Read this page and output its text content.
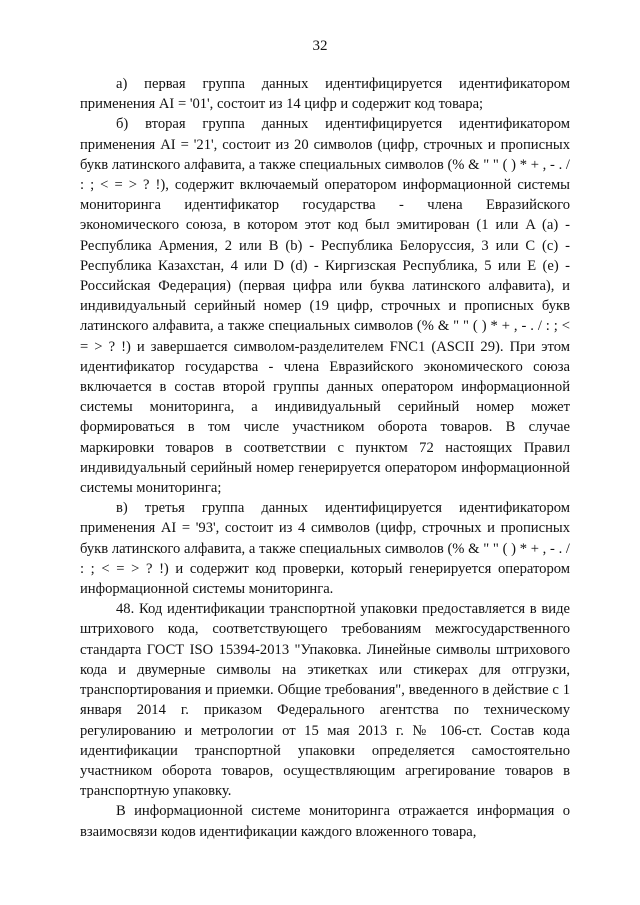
32

а) первая группа данных идентифицируется идентификатором применения AI = '01', состоит из 14 цифр и содержит код товара;

б) вторая группа данных идентифицируется идентификатором применения AI = '21', состоит из 20 символов (цифр, строчных и прописных букв латинского алфавита, а также специальных символов (% & " " ( ) * + , - . / : ; < = > ? !), содержит включаемый оператором информационной системы мониторинга идентификатор государства - члена Евразийского экономического союза, в котором этот код был эмитирован (1 или A (a) - Республика Армения, 2 или B (b) - Республика Белоруссия, 3 или C (c) - Республика Казахстан, 4 или D (d) - Киргизская Республика, 5 или E (e) - Российская Федерация) (первая цифра или буква латинского алфавита), и индивидуальный серийный номер (19 цифр, строчных и прописных букв латинского алфавита, а также специальных символов (% & " " ( ) * + , - . / : ; < = > ? !) и завершается символом-разделителем FNC1 (ASCII 29). При этом идентификатор государства - члена Евразийского экономического союза включается в состав второй группы данных оператором информационной системы мониторинга, а индивидуальный серийный номер может формироваться в том числе участником оборота товаров. В случае маркировки товаров в соответствии с пунктом 72 настоящих Правил индивидуальный серийный номер генерируется оператором информационной системы мониторинга;

в) третья группа данных идентифицируется идентификатором применения AI = '93', состоит из 4 символов (цифр, строчных и прописных букв латинского алфавита, а также специальных символов (% & " " ( ) * + , - . / : ; < = > ? !) и содержит код проверки, который генерируется оператором информационной системы мониторинга.

48. Код идентификации транспортной упаковки предоставляется в виде штрихового кода, соответствующего требованиям межгосударственного стандарта ГОСТ ISO 15394-2013 "Упаковка. Линейные символы штрихового кода и двумерные символы на этикетках или стикерах для отгрузки, транспортирования и приемки. Общие требования", введенного в действие с 1 января 2014 г. приказом Федерального агентства по техническому регулированию и метрологии от 15 мая 2013 г. № 106-ст. Состав кода идентификации транспортной упаковки определяется самостоятельно участником оборота товаров, осуществляющим агрегирование товаров в транспортную упаковку.

В информационной системе мониторинга отражается информация о взаимосвязи кодов идентификации каждого вложенного товара,
